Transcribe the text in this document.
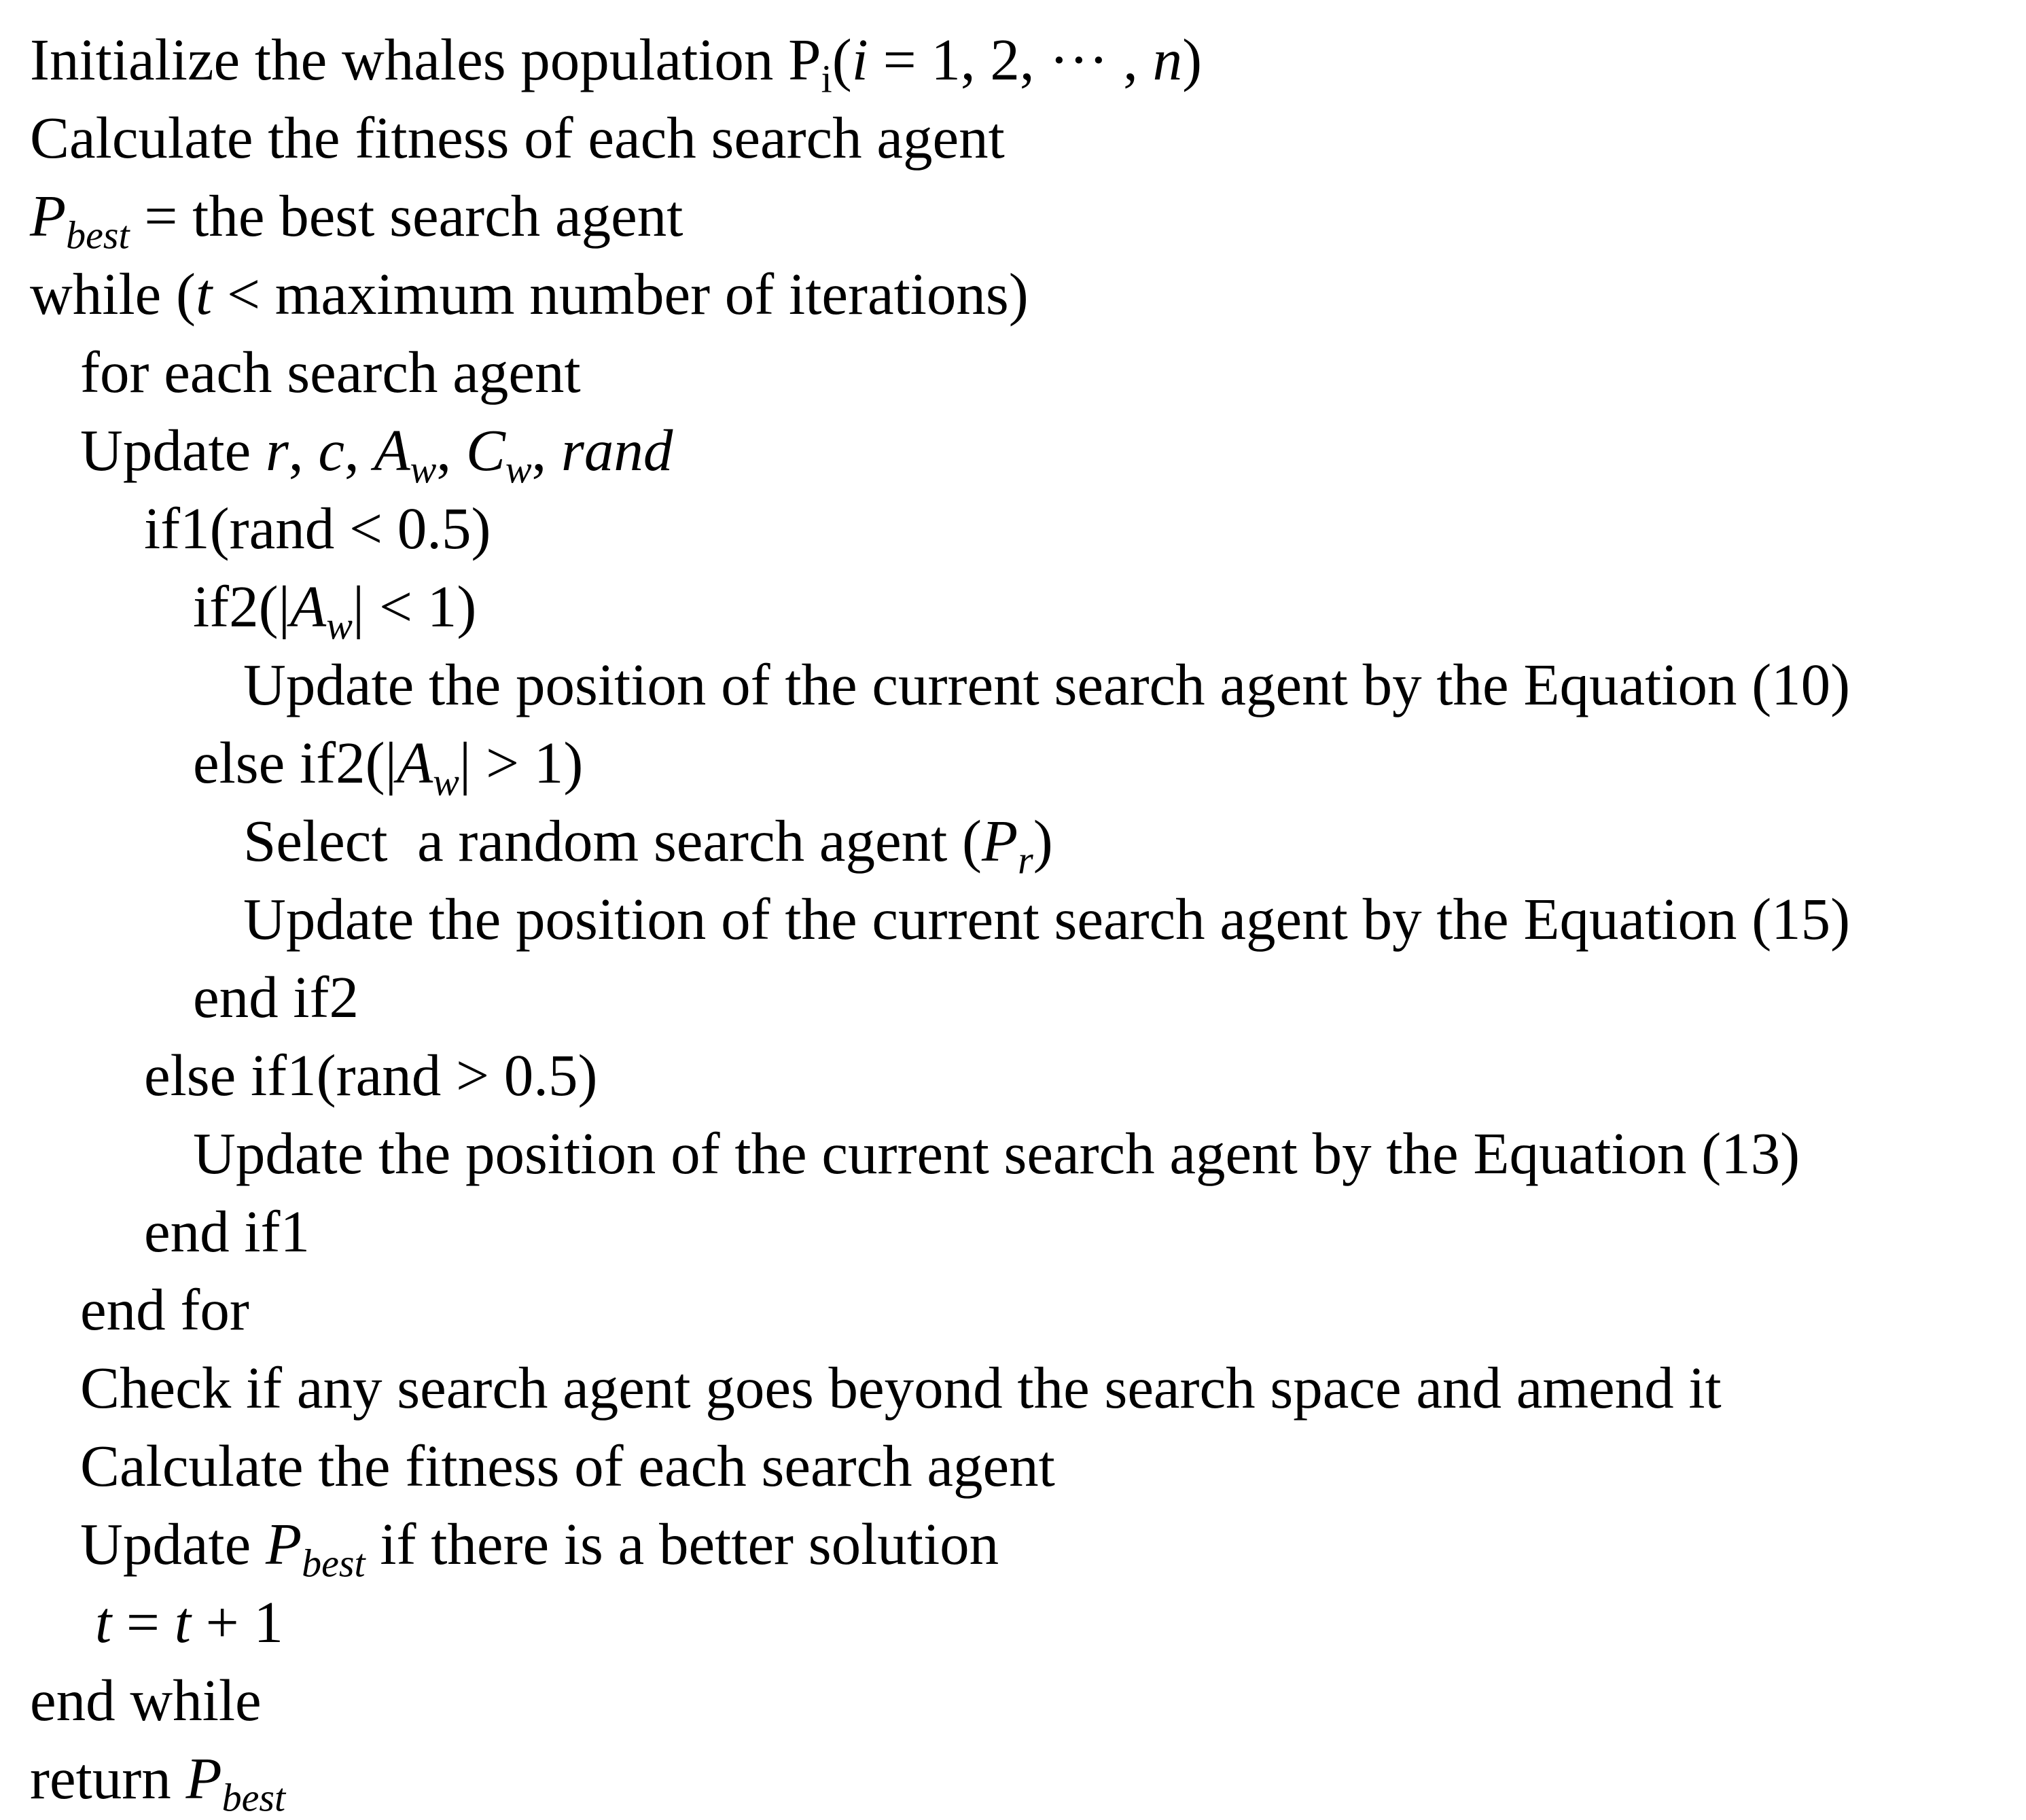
Initialize the whales population $P_i(i = 1$, 2, ··· , n)
Calculate the fitness of each search agent
$P_{best}$ = the best search agent
while (t < maximum number of iterations)
for each search agent
Update r, c, $A_w$, $C_w$, rand
if1(rand < 0.5)
$if2(|A_w| < 1)$
Update the position of the current search agent by the Equation (10)
else $if2(|A_w| > 1)$
Select  a random search agent $(P_r)$
Update the position of the current search agent by the Equation (15)
end if2
else if1(rand > 0.5)
Update the position of the current search agent by the Equation (13)
end if1
end for
Check if any search agent goes beyond the search space and amend it
Calculate the fitness of each search agent
Update $P_{best}$ if there is a better solution
t = t + 1
end while
return $P_{best}$
